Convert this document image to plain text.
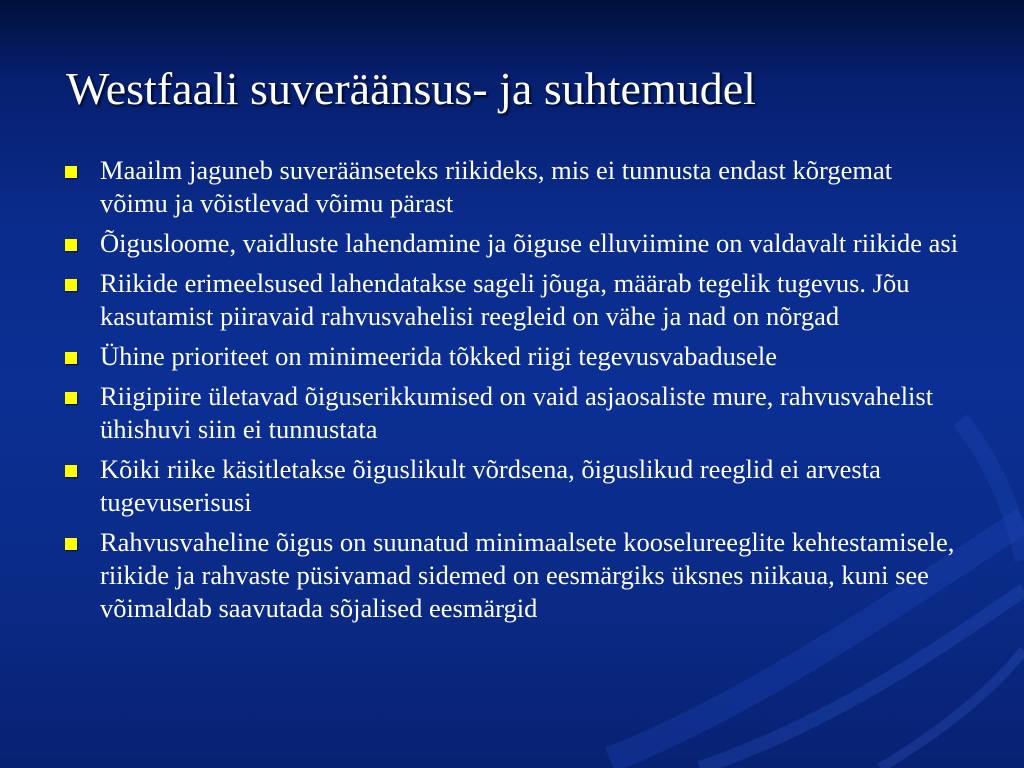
Westfaali suveräänsus- ja suhtemudel
Maailm jaguneb suveräänseteks riikideks, mis ei tunnusta endast kõrgemat võimu ja võistlevad võimu pärast
Õigusloome, vaidluste lahendamine ja õiguse elluviimine on valdavalt riikide asi
Riikide erimeelsused lahendatakse sageli jõuga, määrab tegelik tugevus. Jõu kasutamist piiravaid rahvusvahelisi reegleid on vähe ja nad on nõrgad
Ühine prioriteet on minimeerida tõkked riigi tegevusvabadusele
Riigipiire ületavad õiguserikkumised on vaid asjaosaliste mure, rahvusvahelist ühishuvi siin ei tunnustata
Kõiki riike käsitletakse õiguslikult võrdsena, õiguslikud reeglid ei arvesta tugevuserisusi
Rahvusvaheline õigus on suunatud minimaalsete kooselureeglite kehtestamisele, riikide ja rahvaste püsivamad sidemed on eesmärgiks üksnes niikaua, kuni see võimaldab saavutada sõjalised eesmärgid
